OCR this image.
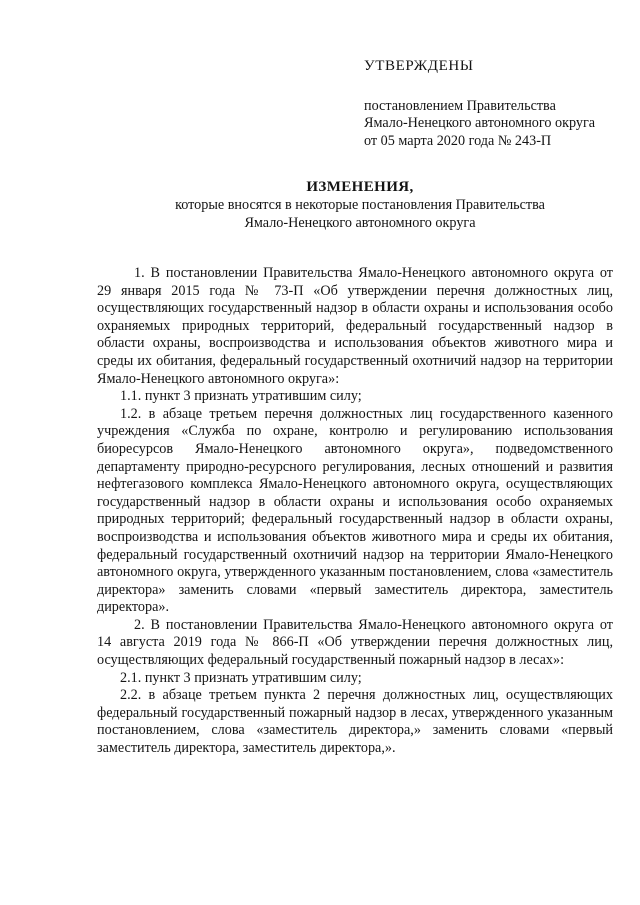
УТВЕРЖДЕНЫ
постановлением Правительства
Ямало-Ненецкого автономного округа
от 05 марта 2020 года № 243-П
ИЗМЕНЕНИЯ,
которые вносятся в некоторые постановления Правительства
Ямало-Ненецкого автономного округа

1. В постановлении Правительства Ямало-Ненецкого автономного округа от 29 января 2015 года № 73-П «Об утверждении перечня должностных лиц, осуществляющих государственный надзор в области охраны и использования особо охраняемых природных территорий, федеральный государственный надзор в области охраны, воспроизводства и использования объектов животного мира и среды их обитания, федеральный государственный охотничий надзор на территории Ямало-Ненецкого автономного округа»:

1.1. пункт 3 признать утратившим силу;

1.2. в абзаце третьем перечня должностных лиц государственного казенного учреждения «Служба по охране, контролю и регулированию использования биоресурсов Ямало-Ненецкого автономного округа», подведомственного департаменту природно-ресурсного регулирования, лесных отношений и развития нефтегазового комплекса Ямало-Ненецкого автономного округа, осуществляющих государственный надзор в области охраны и использования особо охраняемых природных территорий; федеральный государственный надзор в области охраны, воспроизводства и использования объектов животного мира и среды их обитания, федеральный государственный охотничий надзор на территории Ямало-Ненецкого автономного округа, утвержденного указанным постановлением, слова «заместитель директора» заменить словами «первый заместитель директора, заместитель директора».

2. В постановлении Правительства Ямало-Ненецкого автономного округа от 14 августа 2019 года № 866-П «Об утверждении перечня должностных лиц, осуществляющих федеральный государственный пожарный надзор в лесах»:

2.1. пункт 3 признать утратившим силу;

2.2. в абзаце третьем пункта 2 перечня должностных лиц, осуществляющих федеральный государственный пожарный надзор в лесах, утвержденного указанным постановлением, слова «заместитель директора,» заменить словами «первый заместитель директора, заместитель директора,».
